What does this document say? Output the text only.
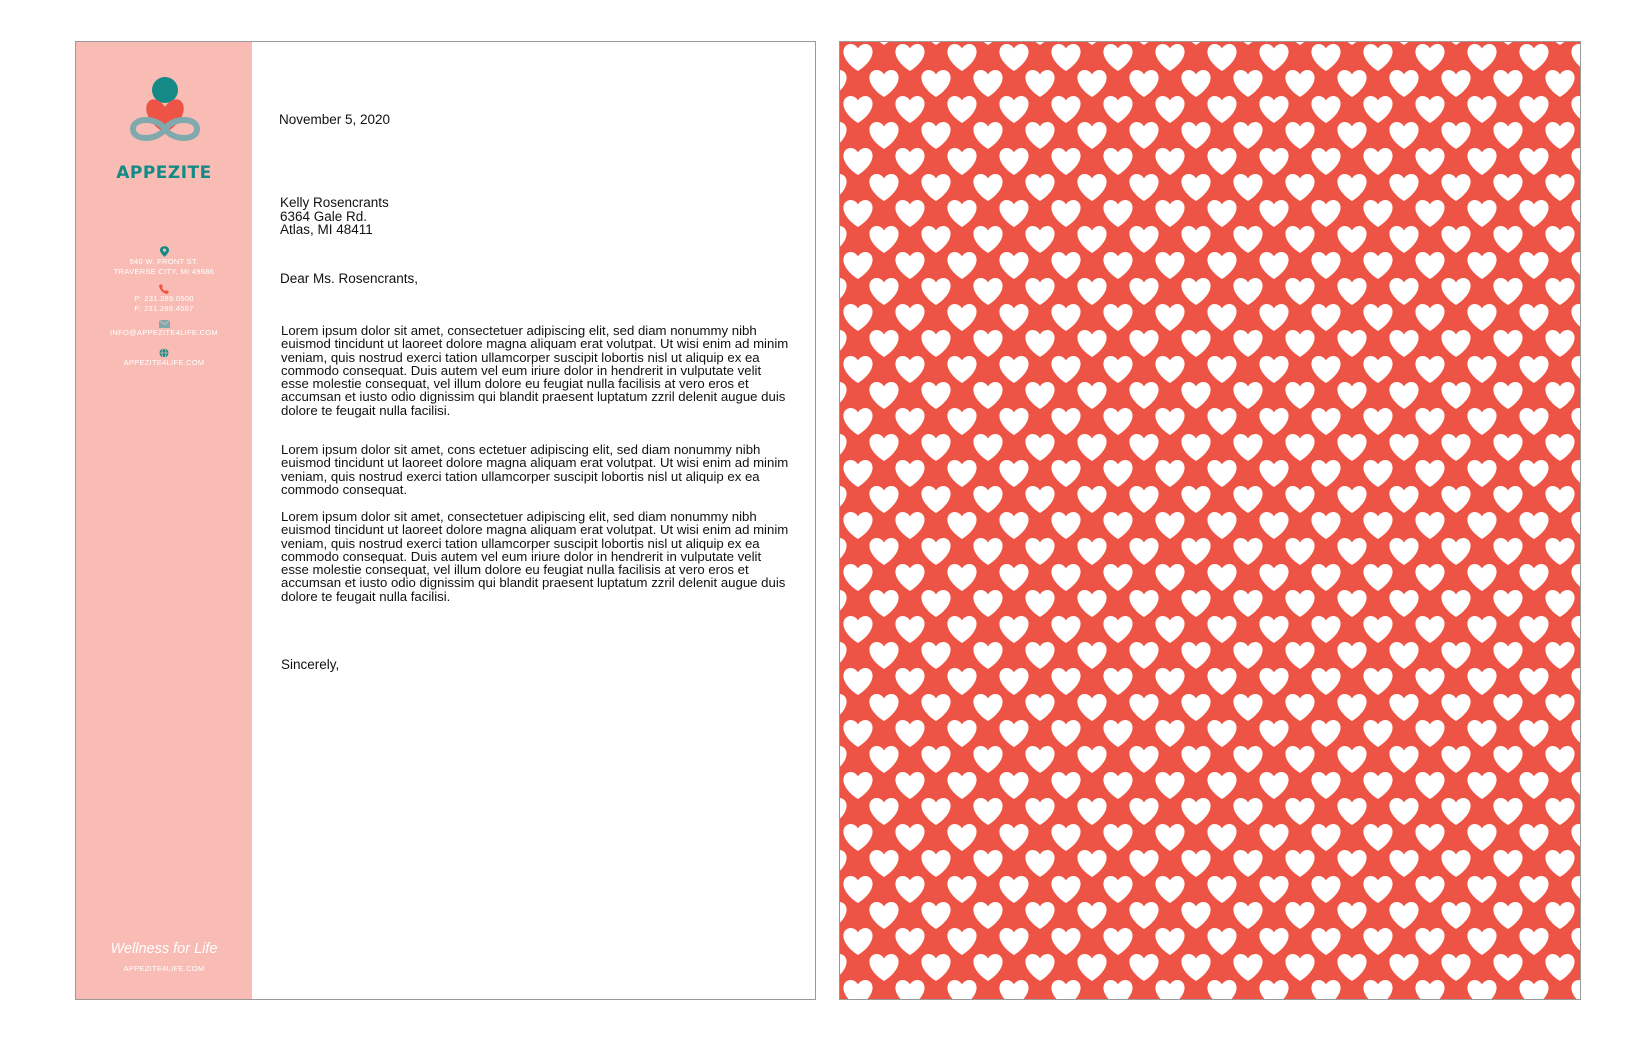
APPEZITE
540 W. FRONT ST.
TRAVERSE CITY, MI 49686
P: 231.289.0500
F: 231.289.4567
INFO@APPEZITE4LIFE.COM
APPEZITE4LIFE.COM
Wellness for Life
APPEZITE4LIFE.COM
November 5, 2020
Kelly Rosencrants
6364 Gale Rd.
Atlas, MI 48411
Dear Ms. Rosencrants,

Lorem ipsum dolor sit amet, consectetuer adipiscing elit, sed diam nonummy nibh euismod tincidunt ut laoreet dolore magna aliquam erat volutpat. Ut wisi enim ad minim veniam, quis nostrud exerci tation ullamcorper suscipit lobortis nisl ut aliquip ex ea commodo consequat. Duis autem vel eum iriure dolor in hendrerit in vulputate velit esse molestie consequat, vel illum dolore eu feugiat nulla facilisis at vero eros et accumsan et iusto odio dignissim qui blandit praesent luptatum zzril delenit augue duis dolore te feugait nulla facilisi.

Lorem ipsum dolor sit amet, cons ectetuer adipiscing elit, sed diam nonummy nibh euismod tincidunt ut laoreet dolore magna aliquam erat volutpat. Ut wisi enim ad minim veniam, quis nostrud exerci tation ullamcorper suscipit lobortis nisl ut aliquip ex ea commodo consequat.

Lorem ipsum dolor sit amet, consectetuer adipiscing elit, sed diam nonummy nibh euismod tincidunt ut laoreet dolore magna aliquam erat volutpat. Ut wisi enim ad minim veniam, quis nostrud exerci tation ullamcorper suscipit lobortis nisl ut aliquip ex ea commodo consequat. Duis autem vel eum iriure dolor in hendrerit in vulputate velit esse molestie consequat, vel illum dolore eu feugiat nulla facilisis at vero eros et accumsan et iusto odio dignissim qui blandit praesent luptatum zzril delenit augue duis dolore te feugait nulla facilisi.

Sincerely,
